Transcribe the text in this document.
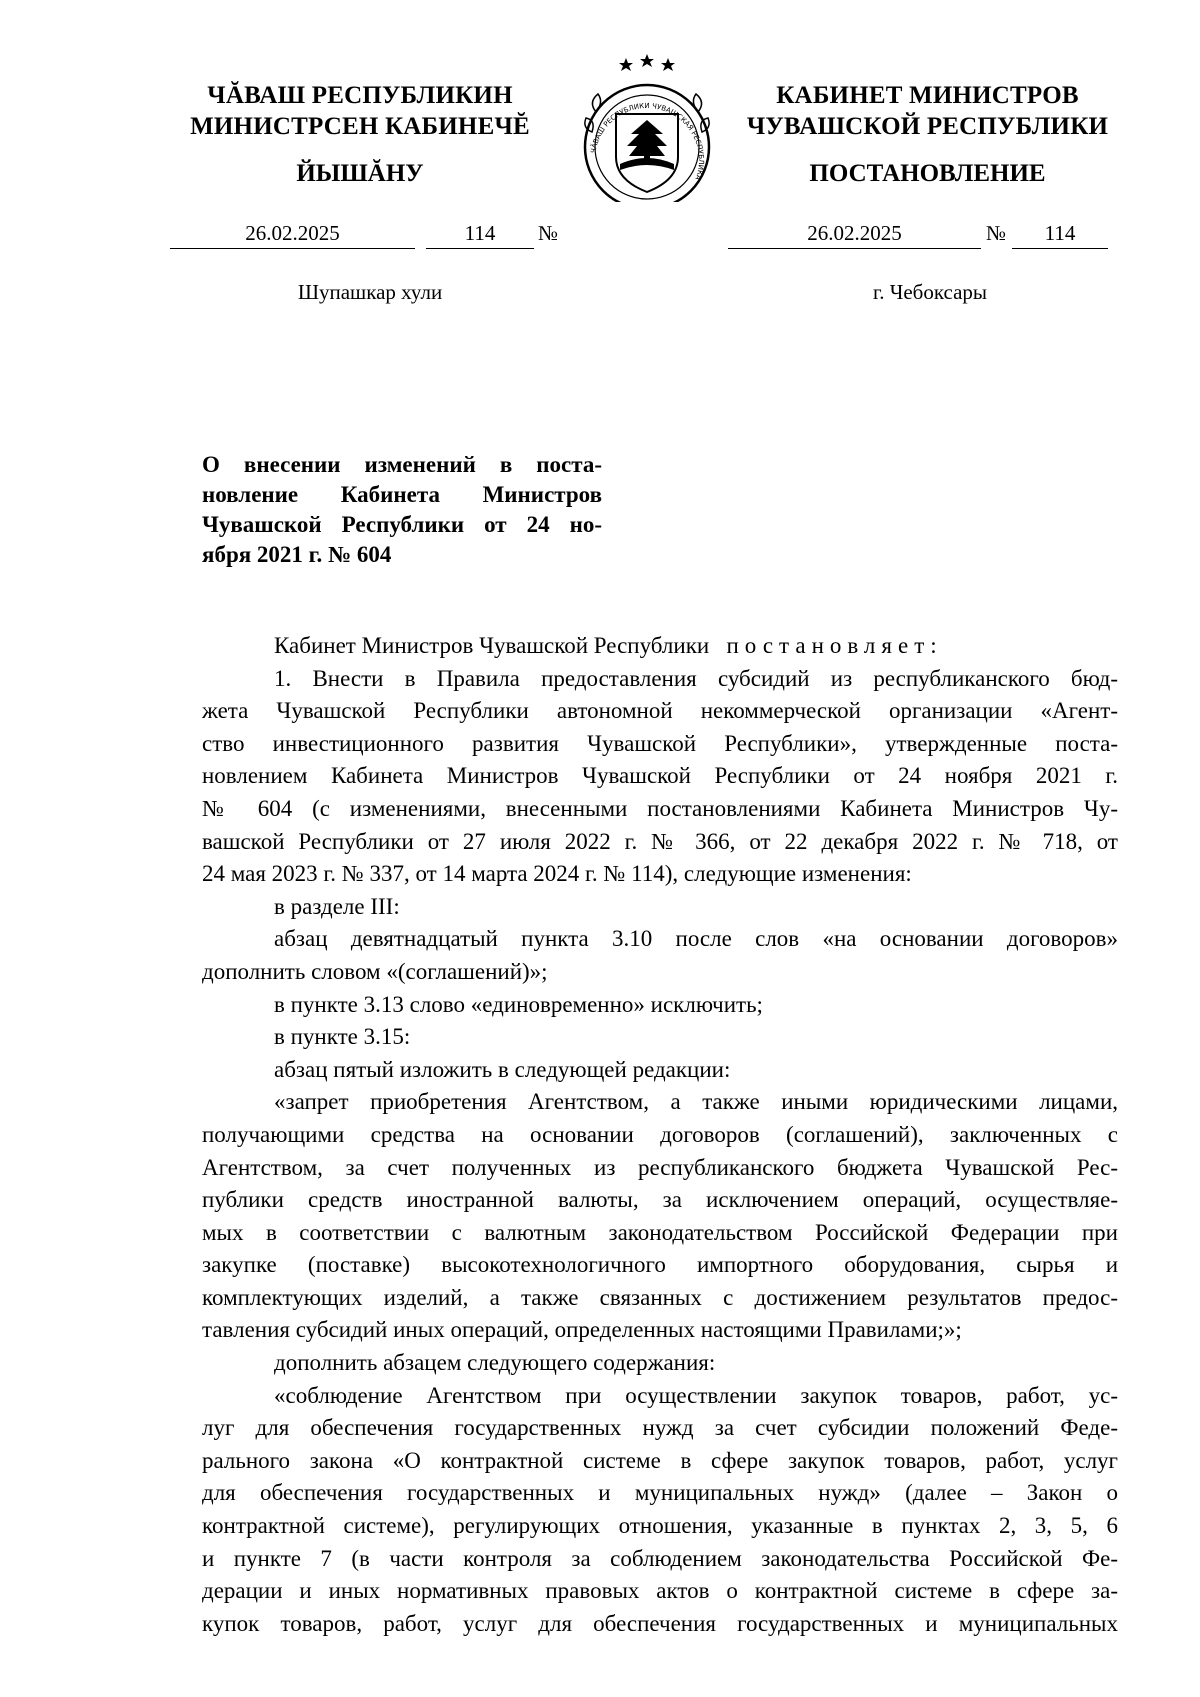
ЧĂВАШ РЕСПУБЛИКИН
МИНИСТРСЕН КАБИНЕЧĔ
ЙЫШĂНУ
26.02.2025	114	№
Шупашкар хули
ЧĂВАШ РЕСПУБЛИКИ ЧУВАШСКАЯ РЕСПУБЛИКА
КАБИНЕТ МИНИСТРОВ
ЧУВАШСКОЙ РЕСПУБЛИКИ
ПОСТАНОВЛЕНИЕ
26.02.2025	№	114
г. Чебоксары
О внесении изменений в поста-
новление Кабинета Министров
Чувашской Республики от 24 но-
ября 2021 г. № 604
Кабинет Министров Чувашской Республики постановляет:
1. Внести в Правила предоставления субсидий из республиканского бюд-
жета Чувашской Республики автономной некоммерческой организации «Агент-
ство инвестиционного развития Чувашской Республики», утвержденные поста-
новлением Кабинета Министров Чувашской Республики от 24 ноября 2021 г.
№ 604 (с изменениями, внесенными постановлениями Кабинета Министров Чу-
вашской Республики от 27 июля 2022 г. № 366, от 22 декабря 2022 г. № 718, от
24 мая 2023 г. № 337, от 14 марта 2024 г. № 114), следующие изменения:
в разделе III:
абзац девятнадцатый пункта 3.10 после слов «на основании договоров»
дополнить словом «(соглашений)»;
в пункте 3.13 слово «единовременно» исключить;
в пункте 3.15:
абзац пятый изложить в следующей редакции:
«запрет приобретения Агентством, а также иными юридическими лицами,
получающими средства на основании договоров (соглашений), заключенных с
Агентством, за счет полученных из республиканского бюджета Чувашской Рес-
публики средств иностранной валюты, за исключением операций, осуществляе-
мых в соответствии с валютным законодательством Российской Федерации при
закупке (поставке) высокотехнологичного импортного оборудования, сырья и
комплектующих изделий, а также связанных с достижением результатов предос-
тавления субсидий иных операций, определенных настоящими Правилами;»;
дополнить абзацем следующего содержания:
«соблюдение Агентством при осуществлении закупок товаров, работ, ус-
луг для обеспечения государственных нужд за счет субсидии положений Феде-
рального закона «О контрактной системе в сфере закупок товаров, работ, услуг
для обеспечения государственных и муниципальных нужд» (далее – Закон о
контрактной системе), регулирующих отношения, указанные в пунктах 2, 3, 5, 6
и пункте 7 (в части контроля за соблюдением законодательства Российской Фе-
дерации и иных нормативных правовых актов о контрактной системе в сфере за-
купок товаров, работ, услуг для обеспечения государственных и муниципальных
